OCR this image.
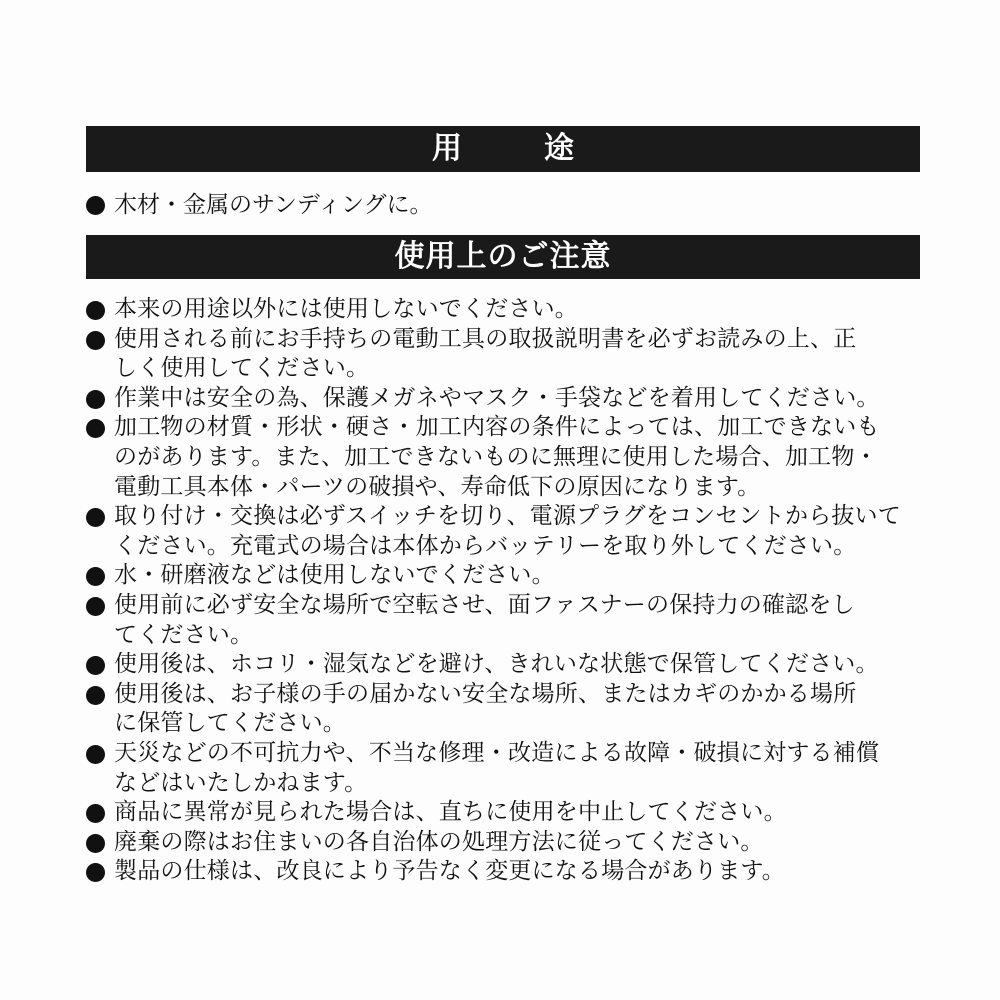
用　途
木材・金属のサンディングに。
使用上のご注意
本来の用途以外には使用しないでください。
使用される前にお手持ちの電動工具の取扱説明書を必ずお読みの上、正
しく使用してください。
作業中は安全の為、保護メガネやマスク・手袋などを着用してください。
加工物の材質・形状・硬さ・加工内容の条件によっては、加工できないも
のがあります。また、加工できないものに無理に使用した場合、加工物・
電動工具本体・パーツの破損や、寿命低下の原因になります。
取り付け・交換は必ずスイッチを切り、電源プラグをコンセントから抜いて
ください。充電式の場合は本体からバッテリーを取り外してください。
水・研磨液などは使用しないでください。
使用前に必ず安全な場所で空転させ、面ファスナーの保持力の確認をし
てください。
使用後は、ホコリ・湿気などを避け、きれいな状態で保管してください。
使用後は、お子様の手の届かない安全な場所、またはカギのかかる場所
に保管してください。
天災などの不可抗力や、不当な修理・改造による故障・破損に対する補償
などはいたしかねます。
商品に異常が見られた場合は、直ちに使用を中止してください。
廃棄の際はお住まいの各自治体の処理方法に従ってください。
製品の仕様は、改良により予告なく変更になる場合があります。
